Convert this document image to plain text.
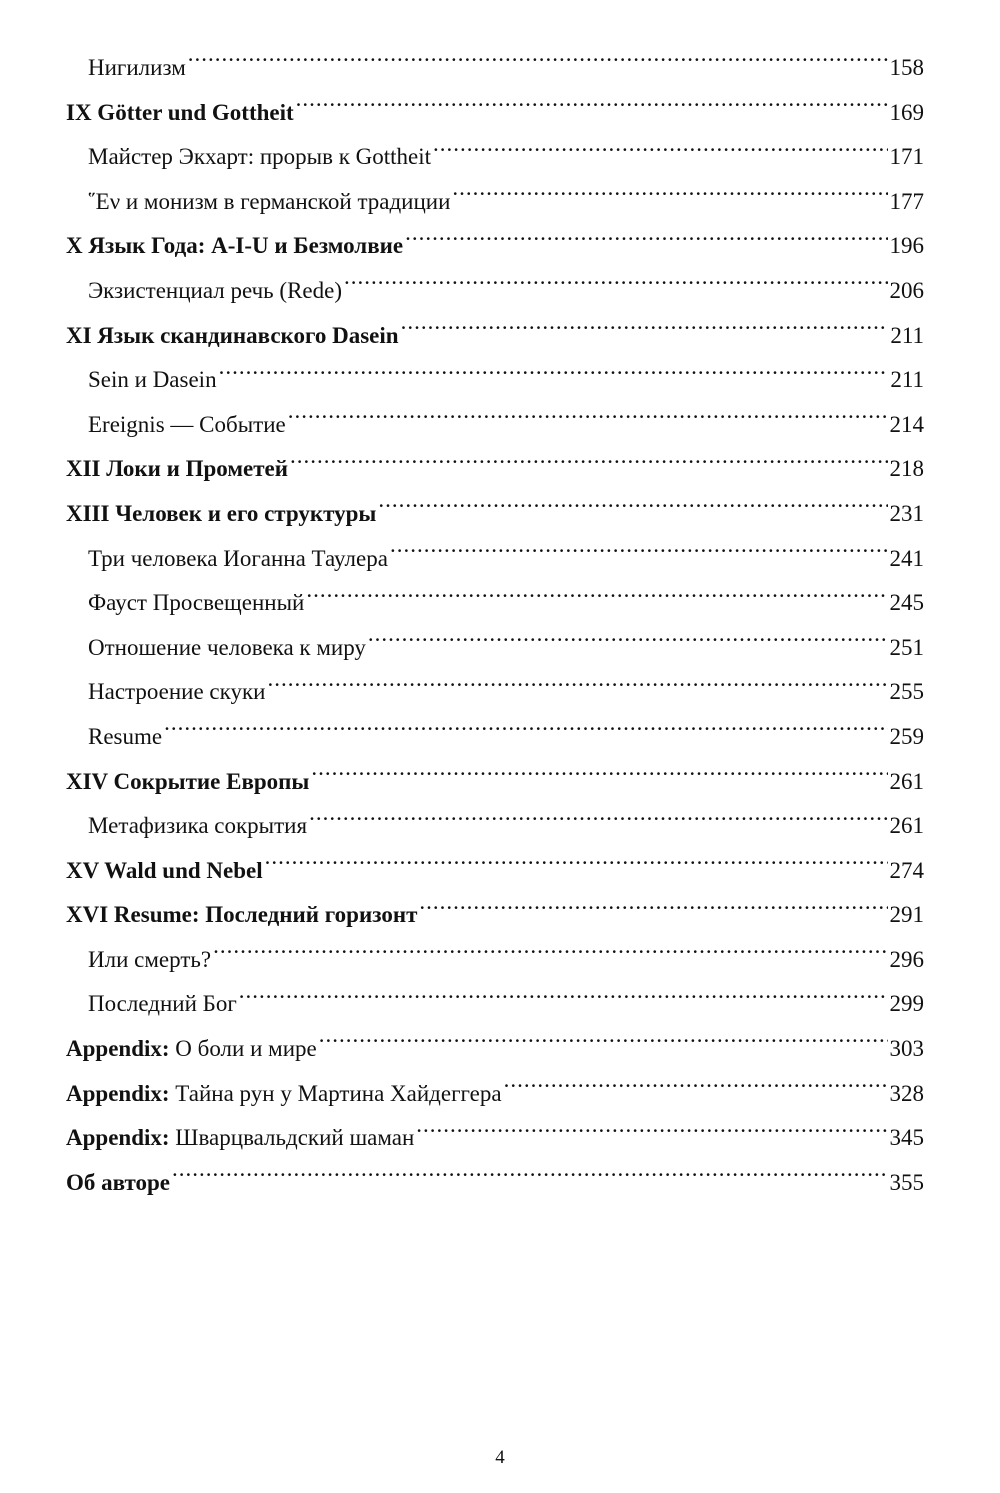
Нигилизм .....	158
IX Götter und Gottheit .....	169
Майстер Экхарт: прорыв к Gottheit .....	171
῞Εν и монизм в германской традиции .....	177
X Язык Года: A-I-U и Безмолвие .....	196
Экзистенциал речь (Rede) .....	206
XI Язык скандинавского Dasein .....	211
Sein и Dasein .....	211
Ereignis — Событие .....	214
XII Локи и Прометей .....	218
XIII Человек и его структуры .....	231
Три человека Иоганна Таулера .....	241
Фауст Просвещенный .....	245
Отношение человека к миру .....	251
Настроение скуки .....	255
Resume .....	259
XIV Сокрытие Европы .....	261
Метафизика сокрытия .....	261
XV Wald und Nebel .....	274
XVI Resume: Последний горизонт .....	291
Или смерть? .....	296
Последний Бог .....	299
Appendix: О боли и мире .....	303
Appendix: Тайна рун у Мартина Хайдеггера .....	328
Appendix: Шварцвальдский шаман .....	345
Об авторе .....	355
4
